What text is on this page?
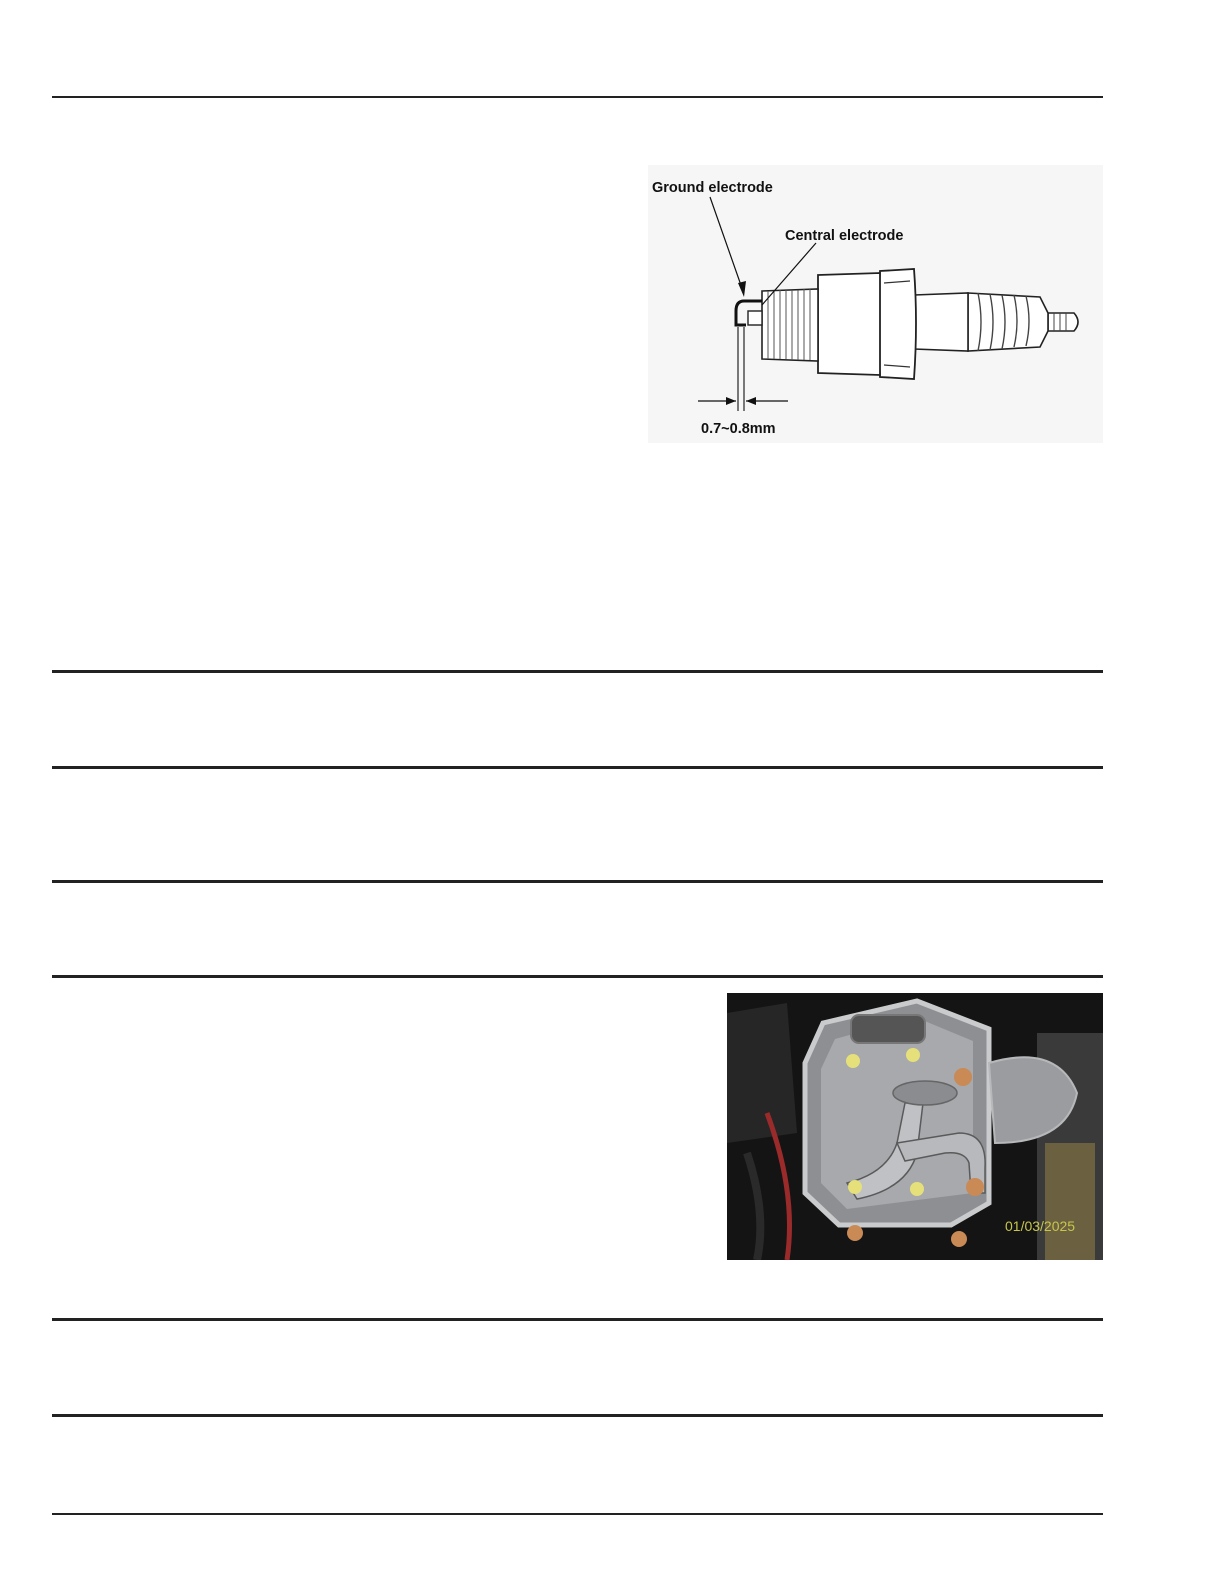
Ground electrode
Central electrode
0.7~0.8mm
01/03/2025
